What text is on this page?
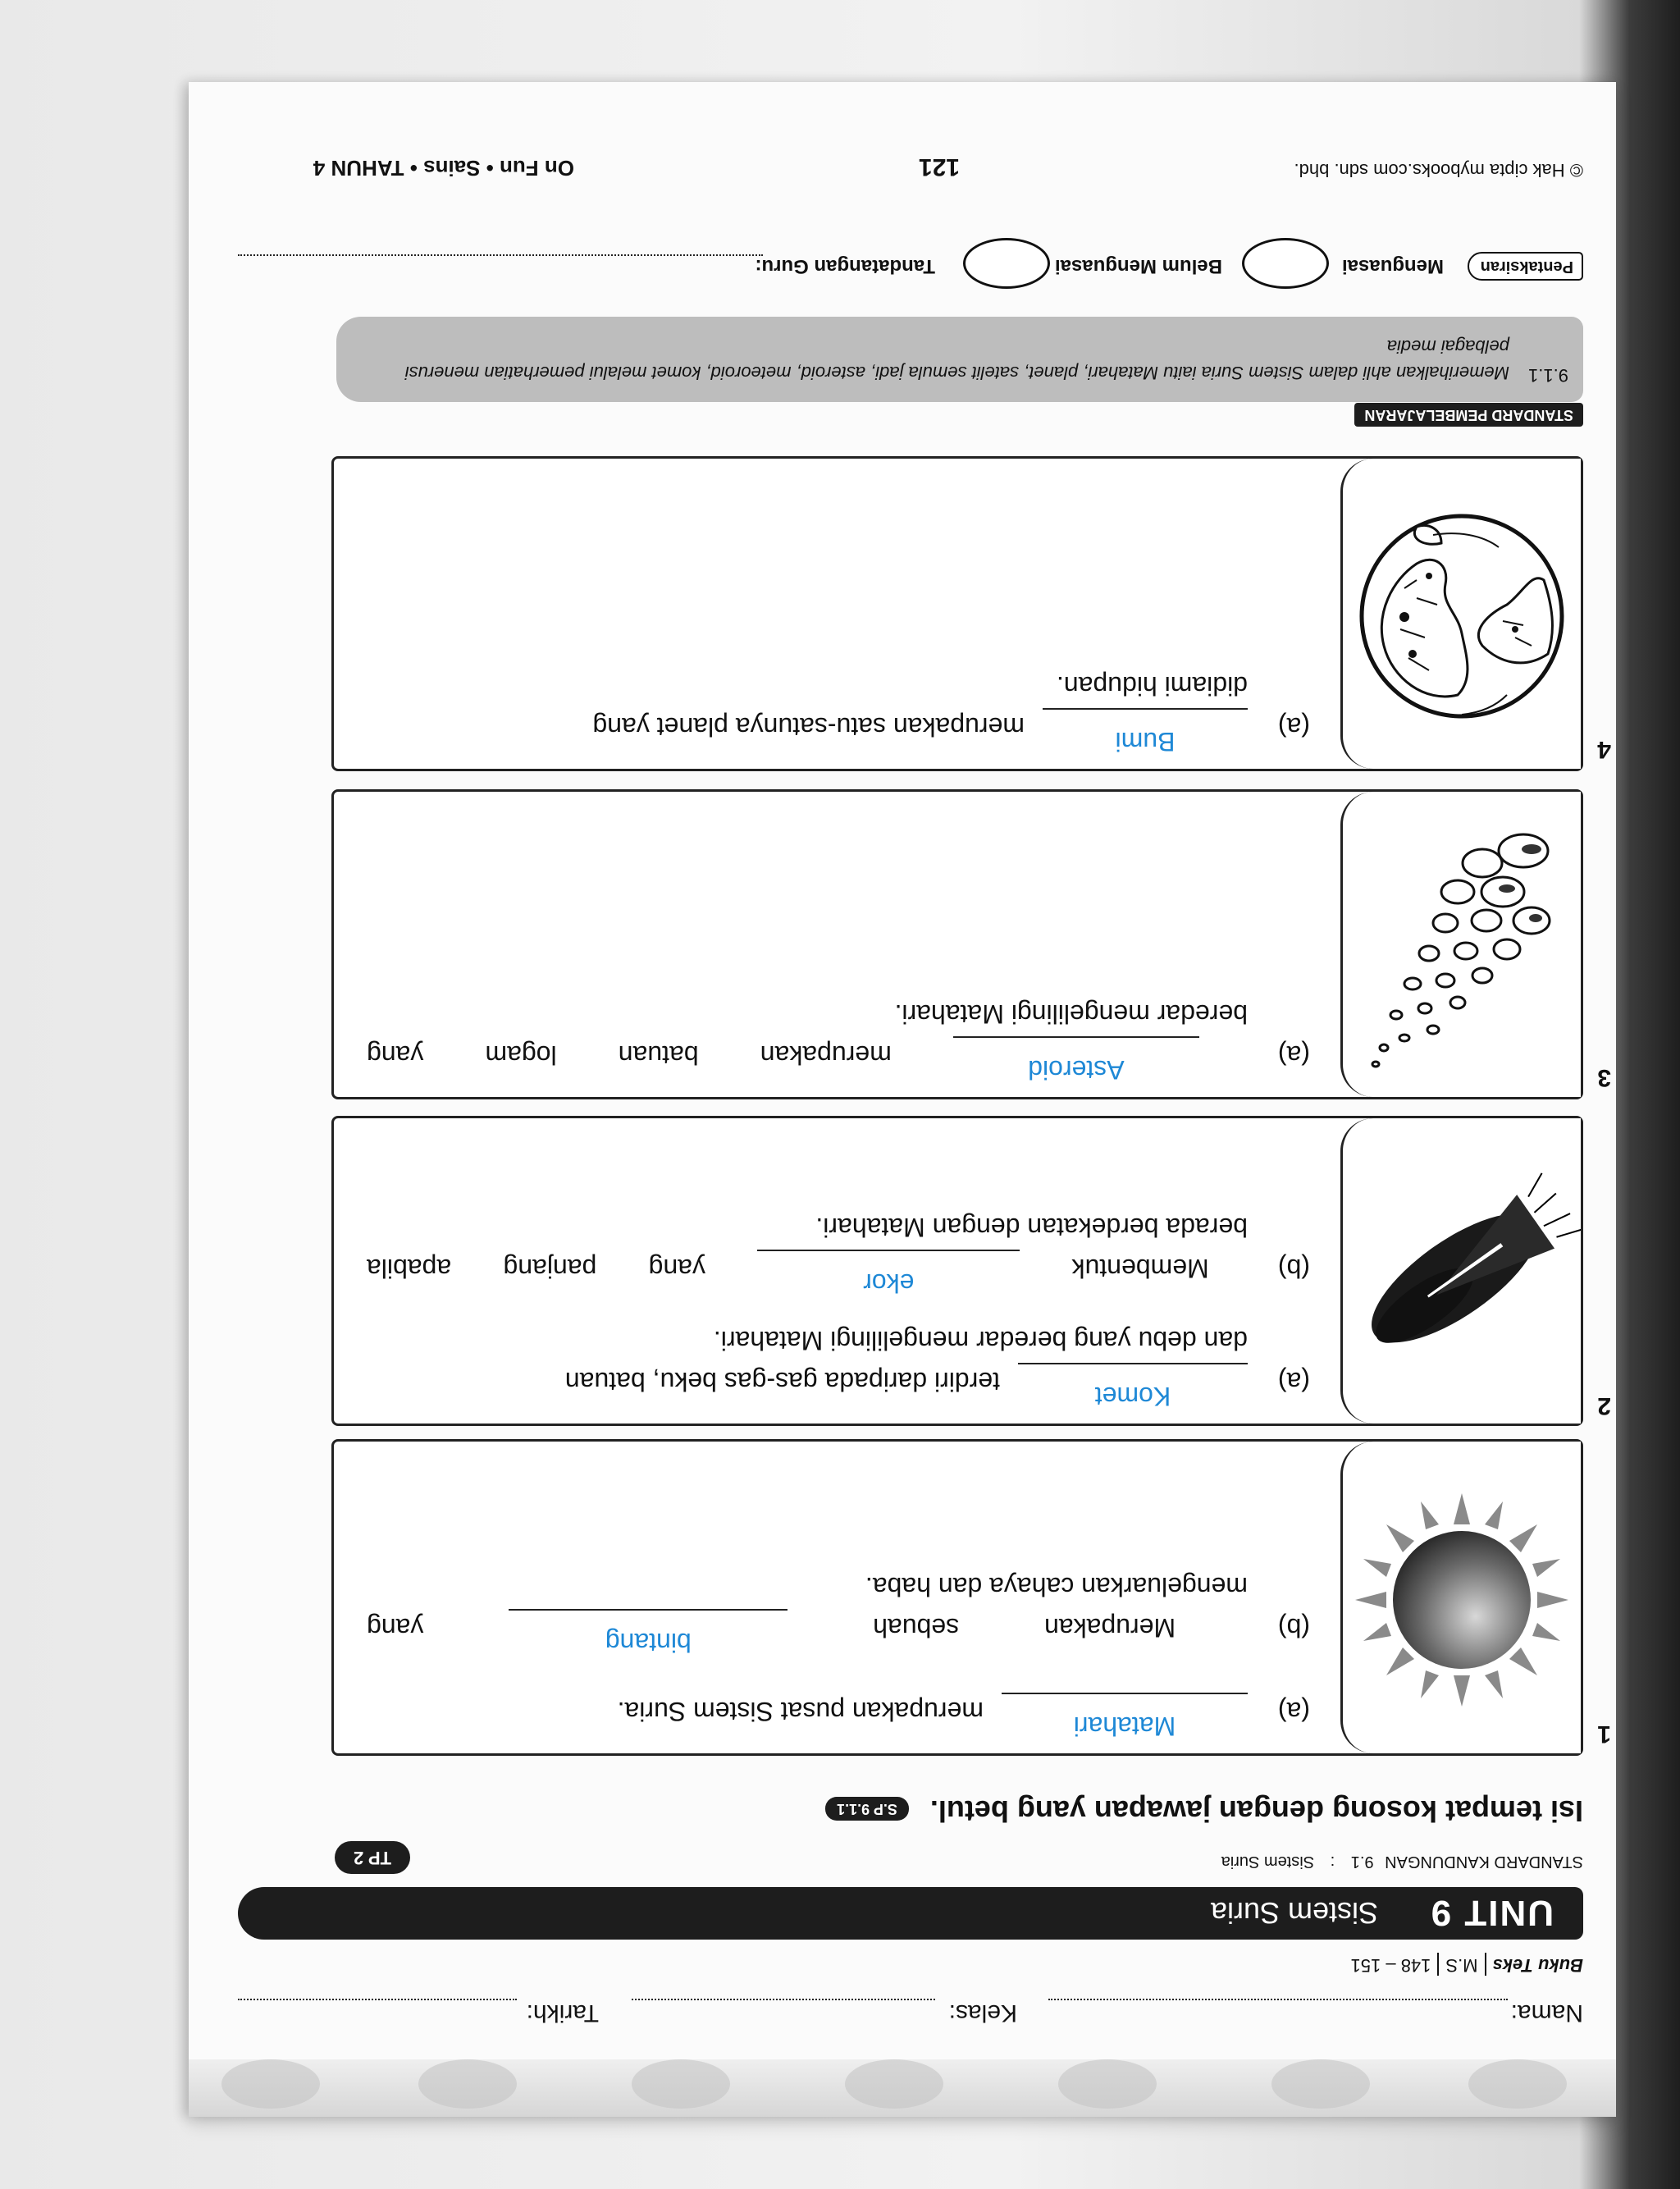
Nama:
Kelas:
Tarikh:
Buku TeksM.S148 – 151
UNIT 9
Sistem Suria
STANDARD KANDUNGAN 9.1 : Sistem Suria
TP 2
Isi tempat kosong dengan jawapan yang betul. S.P 9.1.1
1
(a)
Matahari
merupakan pusat Sistem Suria.
(b)
Merupakan
sebuah
bintang
yang
mengeluarkan cahaya dan haba.
2
(a)
Komet
terdiri daripada gas-gas beku, batuan
dan debu yang beredar mengelilingi Matahari.
(b)
Membentuk
ekor
yang
panjang
apabila
berada berdekatan dengan Matahari.
3
(a)
Asteroid
merupakan
batuan
logam
yang
beredar mengelilingi Matahari.
4
(a)
Bumi
merupakan satu-satunya planet yang
didiami hidupan.
STANDARD PEMBELAJARAN
9.1.1
Memerihalkan ahli dalam Sistem Suria iaitu Matahari, planet, satelit semula jadi, asteroid, meteoroid, komet melalui pemerhatian menerusi pelbagai media
Pentaksiran
Menguasai
Belum Menguasai
Tandatangan Guru:
© Hak cipta mybooks.com sdn. bhd.
121
On Fun • Sains • TAHUN 4
